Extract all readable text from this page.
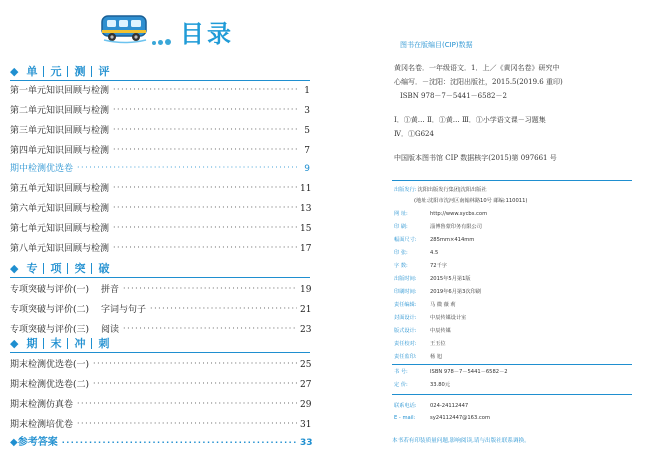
目录
◆ 单	元	测	评
第一单元知识回顾与检测 ·····	1
第二单元知识回顾与检测 ·····	3
第三单元知识回顾与检测 ·····	5
第四单元知识回顾与检测 ·····	7
期中检测优选卷 ·····	9
第五单元知识回顾与检测 ·····	11
第六单元知识回顾与检测 ·····	13
第七单元知识回顾与检测 ·····	15
第八单元知识回顾与检测 ·····	17
◆ 专	项	突	破
专项突破与评价(一) 拼音 ·····	19
专项突破与评价(二) 字词与句子 ·····	21
专项突破与评价(三) 阅读 ·····	23
◆ 期	末	冲	刺
期末检测优选卷(一) ·····	25
期末检测优选卷(二) ·····	27
期末检测仿真卷 ·····	29
期末检测培优卷 ·····	31
◆参考答案 ·····	33
图书在版编目(CIP)数据
黄冈名卷．一年级语文．1．上／《黄冈名卷》研究中
心编写．－沈阳：沈阳出版社，2015.5(2019.6 重印)
ISBN 978－7－5441－6582－2
Ⅰ．①黄… Ⅱ．①黄… Ⅲ．①小学语文课－习题集
Ⅳ．①G624
中国版本图书馆 CIP 数据核字(2015)第 097661 号
出版发行:沈阳出版发行集团|沈阳出版社
(地址:沈阳市沈河区南翰林路10号 邮编:110011)
网 址:	http://www.sycbs.com
印 刷:	淄博鲁蒙印务有限公司
幅面尺寸:	285mm×414mm
印 张:	4.5
字 数:	72千字
出版时间:	2015年5月第1版
印刷时间:	2019年6月第3次印刷
责任编辑:	马 微 薇 莉
封面设计:	中辰传媒设计室
版式设计:	中辰传媒
责任校对:	王玉位
责任监印:	杨 旭
书 号:	ISBN 978－7－5441－6582－2
定 价:	33.80元
联系电话:	024-24112447
E - mail:	sy24112447@163.com
本书若有印装质量问题,影响阅读,请与出版社联系调换。
